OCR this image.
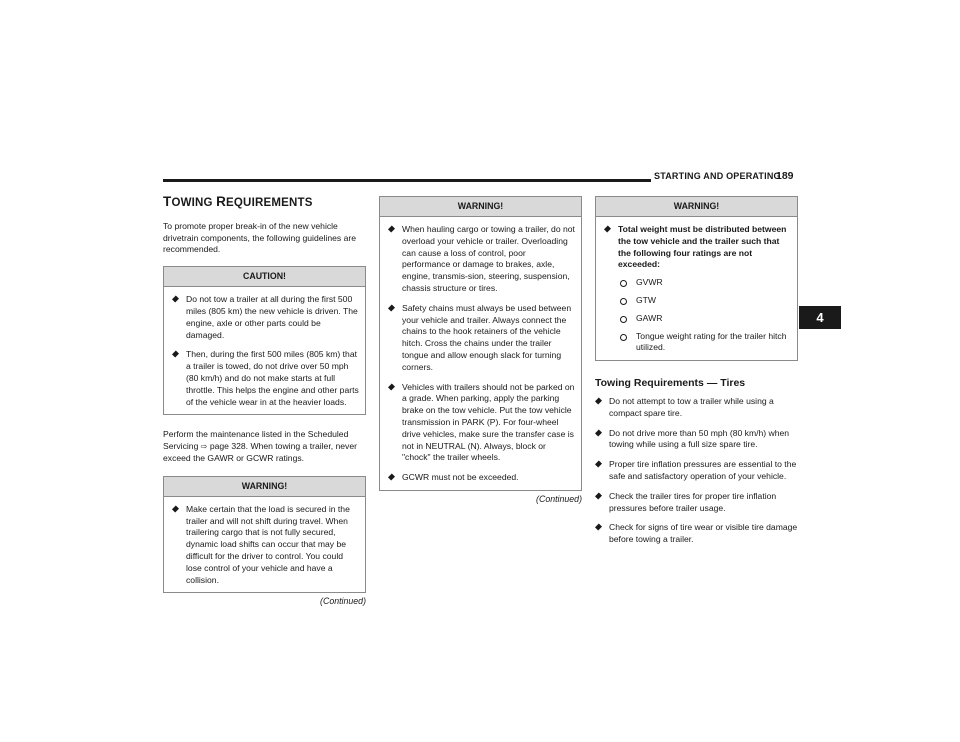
STARTING AND OPERATING
189
4
TOWING REQUIREMENTS

To promote proper break-in of the new vehicle drivetrain components, the following guidelines are recommended.

CAUTION!
Do not tow a trailer at all during the first 500 miles (805 km) the new vehicle is driven. The engine, axle or other parts could be damaged.
Then, during the first 500 miles (805 km) that a trailer is towed, do not drive over 50 mph (80 km/h) and do not make starts at full throttle. This helps the engine and other parts of the vehicle wear in at the heavier loads.

Perform the maintenance listed in the Scheduled Servicing ⇨ page 328. When towing a trailer, never exceed the GAWR or GCWR ratings.

WARNING!
Make certain that the load is secured in the trailer and will not shift during travel. When trailering cargo that is not fully secured, dynamic load shifts can occur that may be difficult for the driver to control. You could lose control of your vehicle and have a collision.
(Continued)
WARNING!
When hauling cargo or towing a trailer, do not overload your vehicle or trailer. Overloading can cause a loss of control, poor performance or damage to brakes, axle, engine, transmis-sion, steering, suspension, chassis structure or tires.
Safety chains must always be used between your vehicle and trailer. Always connect the chains to the hook retainers of the vehicle hitch. Cross the chains under the trailer tongue and allow enough slack for turning corners.
Vehicles with trailers should not be parked on a grade. When parking, apply the parking brake on the tow vehicle. Put the tow vehicle transmission in PARK (P). For four-wheel drive vehicles, make sure the transfer case is not in NEUTRAL (N). Always, block or "chock" the trailer wheels.
GCWR must not be exceeded.
(Continued)
WARNING!
Total weight must be distributed between the tow vehicle and the trailer such that the following four ratings are not exceeded:
GVWR
GTW
GAWR
Tongue weight rating for the trailer hitch utilized.
Towing Requirements — Tires
Do not attempt to tow a trailer while using a compact spare tire.
Do not drive more than 50 mph (80 km/h) when towing while using a full size spare tire.
Proper tire inflation pressures are essential to the safe and satisfactory operation of your vehicle.
Check the trailer tires for proper tire inflation pressures before trailer usage.
Check for signs of tire wear or visible tire damage before towing a trailer.
